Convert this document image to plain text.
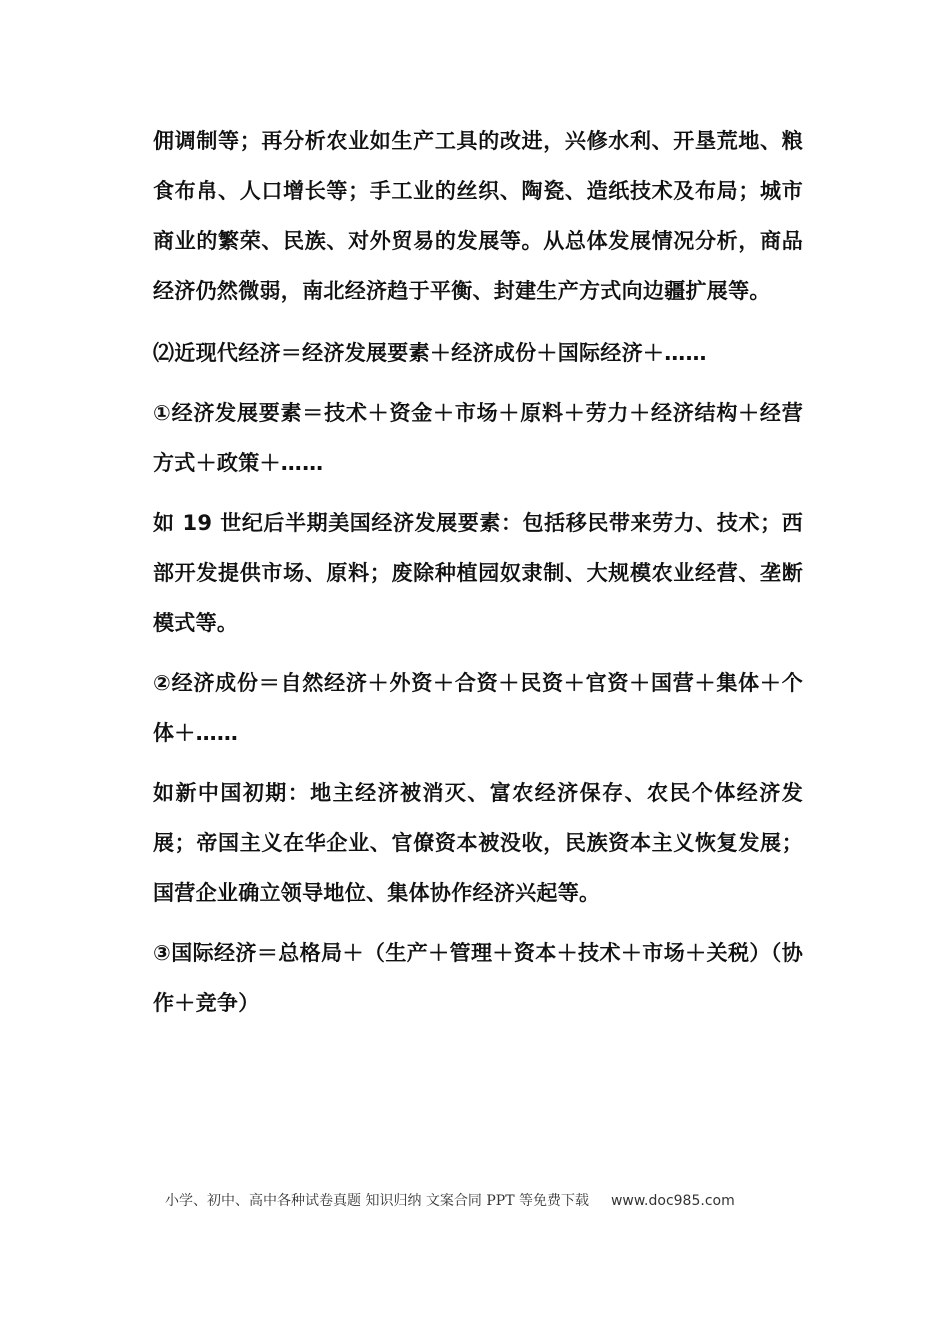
佣调制等；再分析农业如生产工具的改进，兴修水利、开垦荒地、粮食布帛、人口增长等；手工业的丝织、陶瓷、造纸技术及布局；城市商业的繁荣、民族、对外贸易的发展等。从总体发展情况分析，商品经济仍然微弱，南北经济趋于平衡、封建生产方式向边疆扩展等。

⑵近现代经济＝经济发展要素＋经济成份＋国际经济＋……

①经济发展要素＝技术＋资金＋市场＋原料＋劳力＋经济结构＋经营方式＋政策＋……

如 19 世纪后半期美国经济发展要素：包括移民带来劳力、技术；西部开发提供市场、原料；废除种植园奴隶制、大规模农业经营、垄断模式等。

②经济成份＝自然经济＋外资＋合资＋民资＋官资＋国营＋集体＋个体＋……

如新中国初期：地主经济被消灭、富农经济保存、农民个体经济发展；帝国主义在华企业、官僚资本被没收，民族资本主义恢复发展；国营企业确立领导地位、集体协作经济兴起等。

③国际经济＝总格局＋（生产＋管理＋资本＋技术＋市场＋关税）（协作＋竞争）

小学、初中、高中各种试卷真题 知识归纳 文案合同 PPT 等免费下载 www.doc985.com
